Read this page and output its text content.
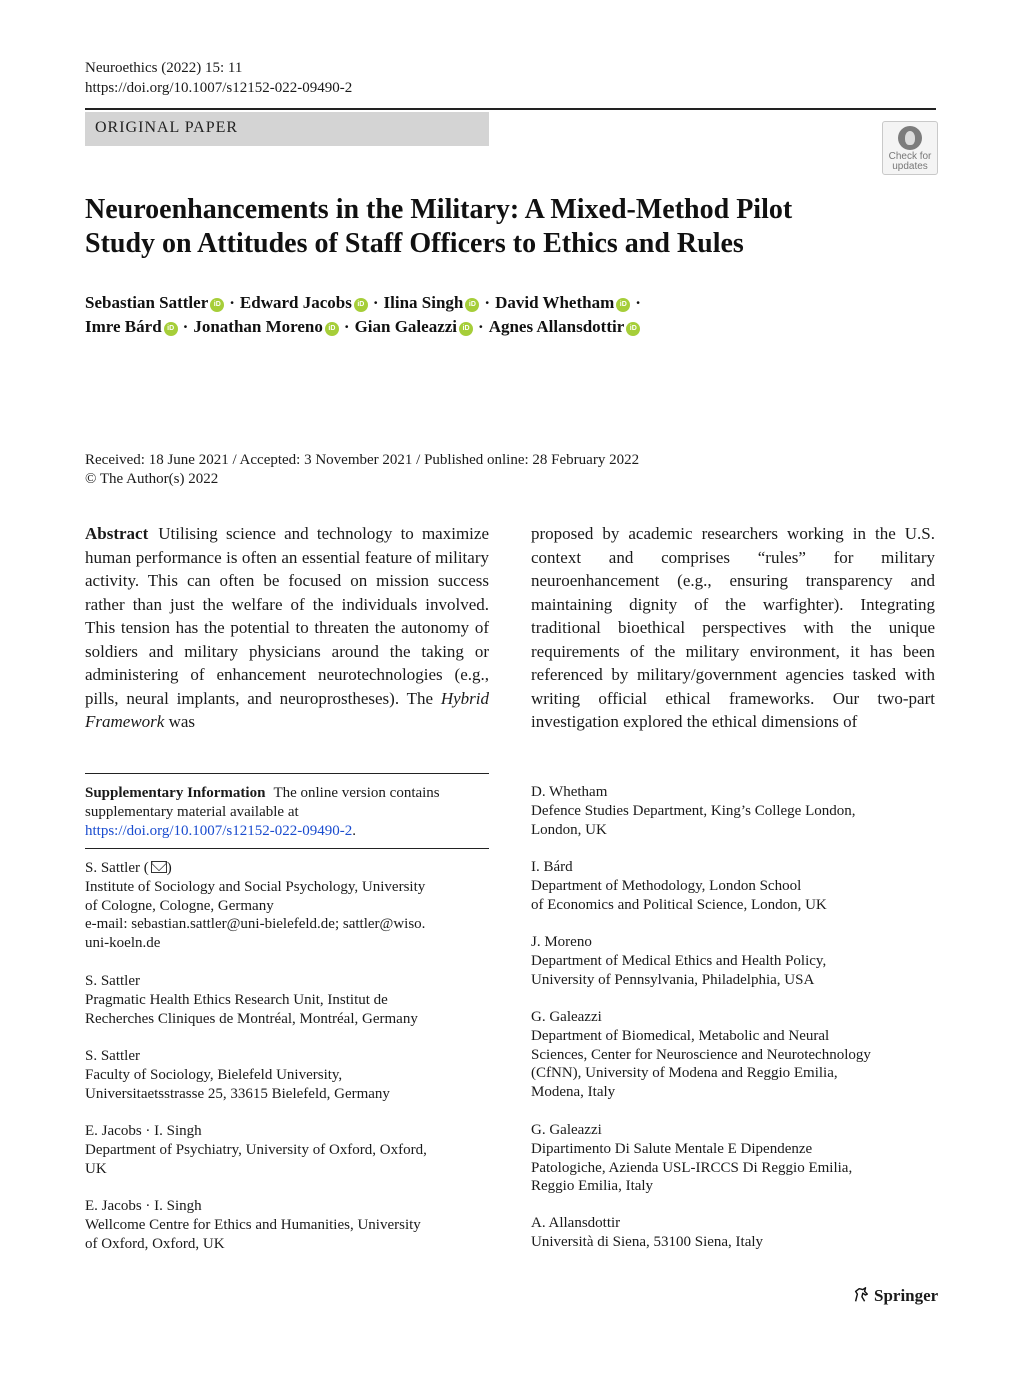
Neuroethics (2022) 15: 11
https://doi.org/10.1007/s12152-022-09490-2
ORIGINAL PAPER
Check for
updates
Neuroenhancements in the Military: A Mixed-Method Pilot
Study on Attitudes of Staff Officers to Ethics and Rules
Sebastian Sattler iD · Edward Jacobs iD · Ilina Singh iD · David Whetham iD ·
Imre Bárd iD · Jonathan Moreno iD · Gian Galeazzi iD · Agnes Allansdottir iD
Received: 18 June 2021 / Accepted: 3 November 2021 / Published online: 28 February 2022
© The Author(s) 2022
Abstract Utilising science and technology to maximize human performance is often an essential feature of military activity. This can often be focused on mission success rather than just the welfare of the individuals involved. This tension has the potential to threaten the autonomy of soldiers and military physicians around the taking or administering of enhancement neurotechnologies (e.g., pills, neural implants, and neuroprostheses). The Hybrid Framework was
proposed by academic researchers working in the U.S. context and comprises “rules” for military neuroenhancement (e.g., ensuring transparency and maintaining dignity of the warfighter). Integrating traditional bioethical perspectives with the unique requirements of the military environment, it has been referenced by military/government agencies tasked with writing official ethical frameworks. Our two-part investigation explored the ethical dimensions of
Supplementary Information The online version contains supplementary material available at https://doi.org/10.1007/s12152-022-09490-2.

S. Sattler ( )

Institute of Sociology and Social Psychology, University

of Cologne, Cologne, Germany

e-mail: sebastian.sattler@uni-bielefeld.de; sattler@wiso.

uni-koeln.de

S. Sattler

Pragmatic Health Ethics Research Unit, Institut de

Recherches Cliniques de Montréal, Montréal, Germany

S. Sattler

Faculty of Sociology, Bielefeld University,

Universitaetsstrasse 25, 33615 Bielefeld, Germany

E. Jacobs · I. Singh

Department of Psychiatry, University of Oxford, Oxford,

UK

E. Jacobs · I. Singh

Wellcome Centre for Ethics and Humanities, University

of Oxford, Oxford, UK

D. Whetham

Defence Studies Department, King’s College London,

London, UK

I. Bárd

Department of Methodology, London School

of Economics and Political Science, London, UK

J. Moreno

Department of Medical Ethics and Health Policy,

University of Pennsylvania, Philadelphia, USA

G. Galeazzi

Department of Biomedical, Metabolic and Neural

Sciences, Center for Neuroscience and Neurotechnology

(CfNN), University of Modena and Reggio Emilia,

Modena, Italy

G. Galeazzi

Dipartimento Di Salute Mentale E Dipendenze

Patologiche, Azienda USL-IRCCS Di Reggio Emilia,

Reggio Emilia, Italy

A. Allansdottir

Università di Siena, 53100 Siena, Italy

Springer
